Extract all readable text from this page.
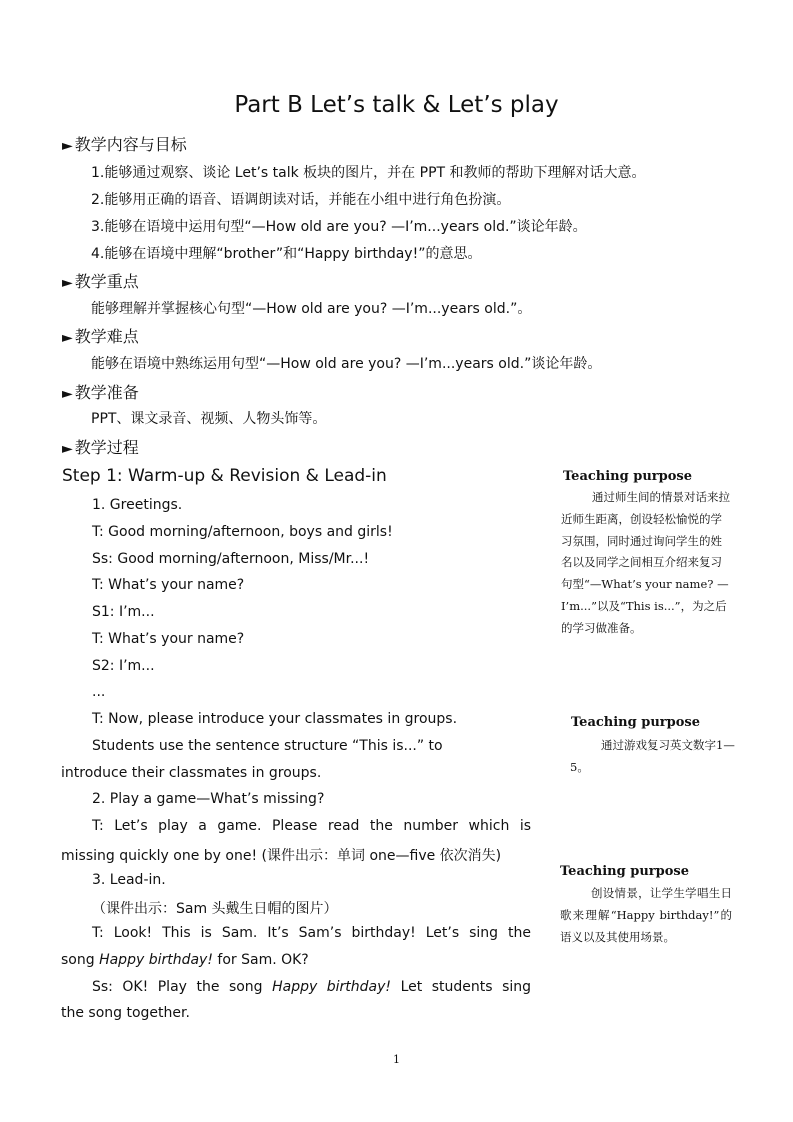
Part B Let’s talk & Let’s play
► 教学内容与目标
1.能够通过观察、谈论 Let’s talk 板块的图片，并在 PPT 和教师的帮助下理解对话大意。
2.能够用正确的语音、语调朗读对话，并能在小组中进行角色扮演。
3.能够在语境中运用句型“—How old are you? —I’m...years old.”谈论年龄。
4.能够在语境中理解“brother”和“Happy birthday!”的意思。
► 教学重点
能够理解并掌握核心句型“—How old are you? —I’m...years old.”。
► 教学难点
能够在语境中熟练运用句型“—How old are you? —I’m...years old.”谈论年龄。
► 教学准备
PPT、课文录音、视频、人物头饰等。
► 教学过程
Step 1: Warm-up & Revision & Lead-in
1. Greetings.
T: Good morning/afternoon, boys and girls!
Ss: Good morning/afternoon, Miss/Mr...!
T: What’s your name?
S1: I’m...
T: What’s your name?
S2: I’m...
...
T: Now, please introduce your classmates in groups.
Students use the sentence structure “This is...” to
introduce their classmates in groups.
2. Play a game—What’s missing?
T: Let’s play a game. Please read the number which is
missing quickly one by one! (课件出示：单词 one—five 依次消失)
3. Lead-in.
（课件出示：Sam 头戴生日帽的图片）
T: Look! This is Sam. It’s Sam’s birthday! Let’s sing the
song Happy birthday! for Sam. OK?
Ss: OK! Play the song Happy birthday! Let students sing
the song together.
Teaching purpose
通过师生间的情景对话来拉近师生距离，创设轻松愉悦的学习氛围，同时通过询问学生的姓名以及同学之间相互介绍来复习句型“—What’s your name? —I’m...”以及“This is...”，为之后的学习做准备。
Teaching purpose
通过游戏复习英文数字1—5。
Teaching purpose
创设情景，让学生学唱生日歌来理解“Happy birthday!”的语义以及其使用场景。
1
